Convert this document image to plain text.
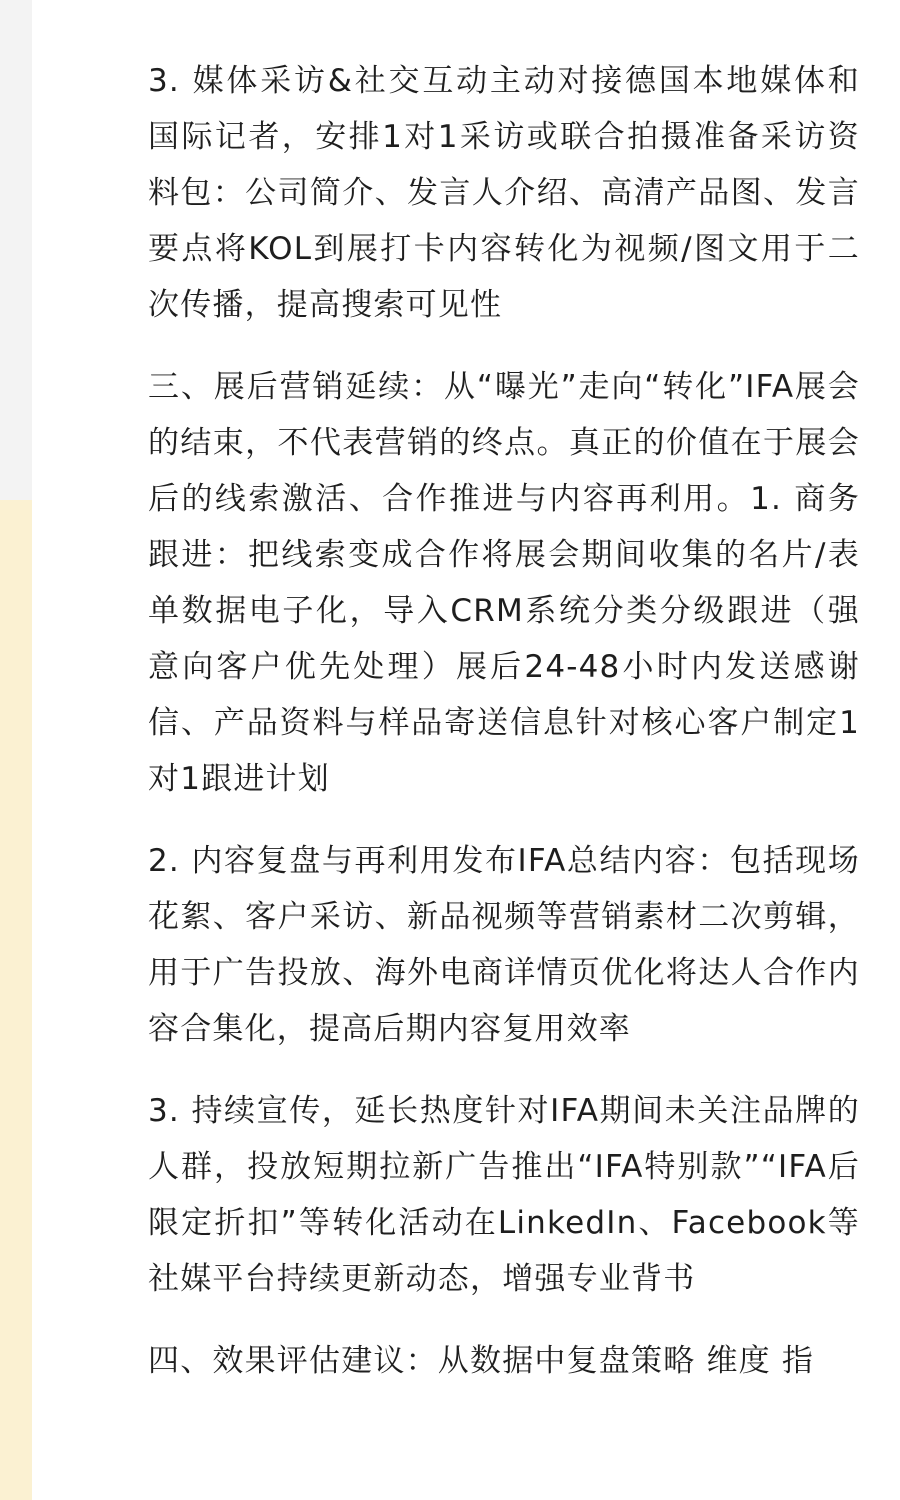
3. 媒体采访&社交互动主动对接德国本地媒体和国际记者，安排1对1采访或联合拍摄准备采访资料包：公司简介、发言人介绍、高清产品图、发言要点将KOL到展打卡内容转化为视频/图文用于二次传播，提高搜索可见性

三、展后营销延续：从“曝光”走向“转化”IFA展会的结束，不代表营销的终点。真正的价值在于展会后的线索激活、合作推进与内容再利用。1. 商务跟进：把线索变成合作将展会期间收集的名片/表单数据电子化，导入CRM系统分类分级跟进（强意向客户优先处理）展后24-48小时内发送感谢信、产品资料与样品寄送信息针对核心客户制定1对1跟进计划

2. 内容复盘与再利用发布IFA总结内容：包括现场花絮、客户采访、新品视频等营销素材二次剪辑，用于广告投放、海外电商详情页优化将达人合作内容合集化，提高后期内容复用效率

3. 持续宣传，延长热度针对IFA期间未关注品牌的人群，投放短期拉新广告推出“IFA特别款”“IFA后限定折扣”等转化活动在LinkedIn、Facebook等社媒平台持续更新动态，增强专业背书

四、效果评估建议：从数据中复盘策略 维度 指
